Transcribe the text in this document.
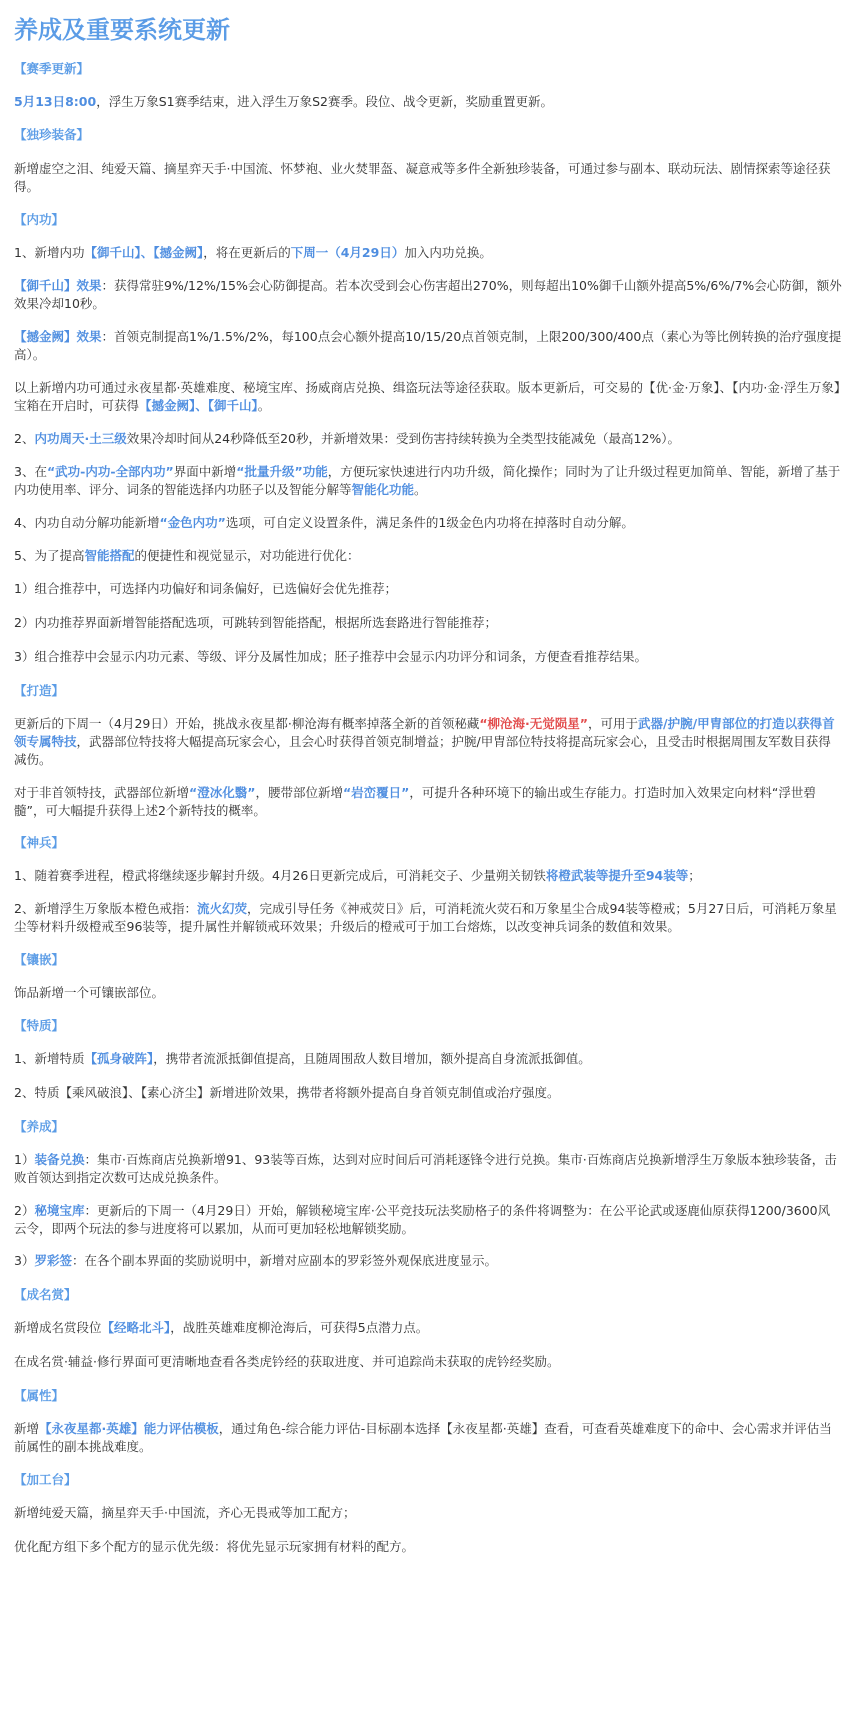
养成及重要系统更新
【赛季更新】
5月13日8:00，浮生万象S1赛季结束，进入浮生万象S2赛季。段位、战令更新，奖励重置更新。
【独珍装备】
新增虚空之泪、纯爱天篇、摘星弈天手·中国流、怀梦袍、业火焚罪盔、凝意戒等多件全新独珍装备，可通过参与副本、联动玩法、剧情探索等途径获得。
【内功】
1、新增内功【御千山】、【撼金阙】，将在更新后的下周一（4月29日）加入内功兑换。
【御千山】效果：获得常驻9%/12%/15%会心防御提高。若本次受到会心伤害超出270%，则每超出10%御千山额外提高5%/6%/7%会心防御，额外效果冷却10秒。
【撼金阙】效果：首领克制提高1%/1.5%/2%，每100点会心额外提高10/15/20点首领克制，上限200/300/400点（素心为等比例转换的治疗强度提高）。
以上新增内功可通过永夜星都·英雄难度、秘境宝库、扬威商店兑换、缉盗玩法等途径获取。版本更新后，可交易的【优·金·万象】、【内功·金·浮生万象】宝箱在开启时，可获得【撼金阙】、【御千山】。
2、内功周天·土三级效果冷却时间从24秒降低至20秒，并新增效果：受到伤害持续转换为全类型技能减免（最高12%）。
3、在“武功-内功-全部内功”界面中新增“批量升级”功能，方便玩家快速进行内功升级，简化操作；同时为了让升级过程更加简单、智能，新增了基于内功使用率、评分、词条的智能选择内功胚子以及智能分解等智能化功能。
4、内功自动分解功能新增“金色内功”选项，可自定义设置条件，满足条件的1级金色内功将在掉落时自动分解。
5、为了提高智能搭配的便捷性和视觉显示，对功能进行优化：
1）组合推荐中，可选择内功偏好和词条偏好，已选偏好会优先推荐；
2）内功推荐界面新增智能搭配选项，可跳转到智能搭配，根据所选套路进行智能推荐；
3）组合推荐中会显示内功元素、等级、评分及属性加成；胚子推荐中会显示内功评分和词条，方便查看推荐结果。
【打造】
更新后的下周一（4月29日）开始，挑战永夜星都·柳沧海有概率掉落全新的首领秘藏“柳沧海·无觉陨星”，可用于武器/护腕/甲胄部位的打造以获得首领专属特技，武器部位特技将大幅提高玩家会心，且会心时获得首领克制增益；护腕/甲胄部位特技将提高玩家会心，且受击时根据周围友军数目获得减伤。
对于非首领特技，武器部位新增“澄冰化翳”，腰带部位新增“岩峦覆日”，可提升各种环境下的输出或生存能力。打造时加入效果定向材料“浮世碧髓”，可大幅提升获得上述2个新特技的概率。
【神兵】
1、随着赛季进程，橙武将继续逐步解封升级。4月26日更新完成后，可消耗交子、少量朔关韧铁将橙武装等提升至94装等；
2、新增浮生万象版本橙色戒指：流火幻荧，完成引导任务《神戒荧日》后，可消耗流火荧石和万象星尘合成94装等橙戒；5月27日后，可消耗万象星尘等材料升级橙戒至96装等，提升属性并解锁戒环效果；升级后的橙戒可于加工台熔炼，以改变神兵词条的数值和效果。
【镶嵌】
饰品新增一个可镶嵌部位。
【特质】
1、新增特质【孤身破阵】，携带者流派抵御值提高，且随周围敌人数目增加，额外提高自身流派抵御值。
2、特质【乘风破浪】、【素心济尘】新增进阶效果，携带者将额外提高自身首领克制值或治疗强度。
【养成】
1）装备兑换：集市·百炼商店兑换新增91、93装等百炼，达到对应时间后可消耗逐锋令进行兑换。集市·百炼商店兑换新增浮生万象版本独珍装备，击败首领达到指定次数可达成兑换条件。
2）秘境宝库：更新后的下周一（4月29日）开始，解锁秘境宝库·公平竞技玩法奖励格子的条件将调整为：在公平论武或逐鹿仙原获得1200/3600风云令，即两个玩法的参与进度将可以累加，从而可更加轻松地解锁奖励。
3）罗彩签：在各个副本界面的奖励说明中，新增对应副本的罗彩签外观保底进度显示。
【成名赏】
新增成名赏段位【经略北斗】，战胜英雄难度柳沧海后，可获得5点潜力点。
在成名赏·辅益·修行界面可更清晰地查看各类虎钤经的获取进度、并可追踪尚未获取的虎钤经奖励。
【属性】
新增【永夜星都·英雄】能力评估模板，通过角色-综合能力评估-目标副本选择【永夜星都·英雄】查看，可查看英雄难度下的命中、会心需求并评估当前属性的副本挑战难度。
【加工台】
新增纯爱天篇，摘星弈天手·中国流，齐心无畏戒等加工配方；
优化配方组下多个配方的显示优先级：将优先显示玩家拥有材料的配方。
